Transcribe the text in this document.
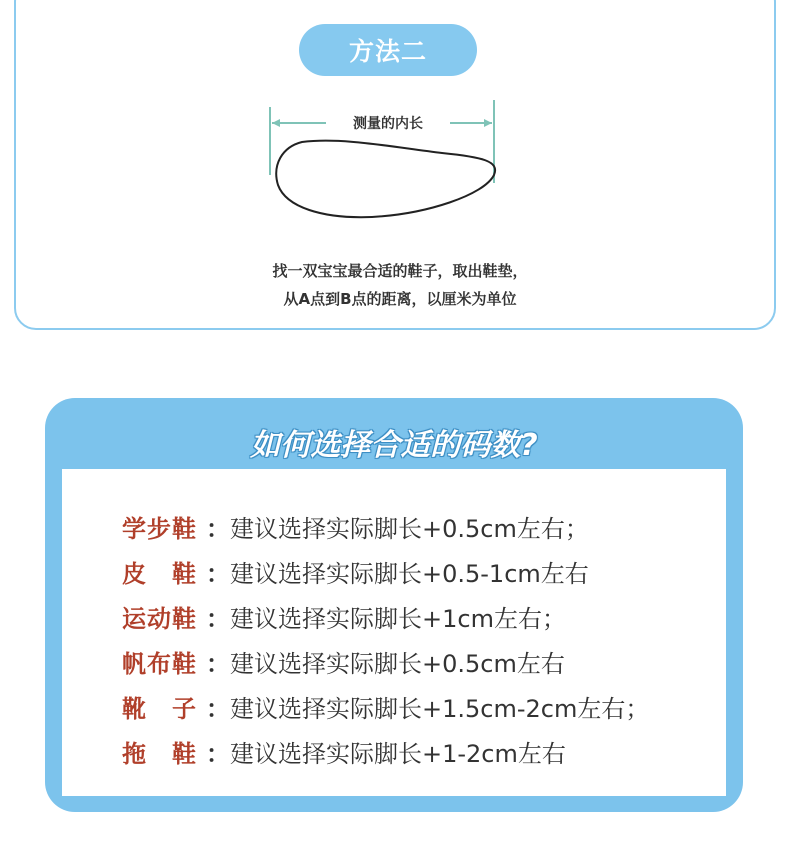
方法二
测量的内长
找一双宝宝最合适的鞋子，取出鞋垫，
从A点到B点的距离，以厘米为单位
如何选择合适的码数?
学步鞋 ： 建议选择实际脚长+0.5cm左右；
皮　鞋 ： 建议选择实际脚长+0.5-1cm左右
运动鞋 ： 建议选择实际脚长+1cm左右；
帆布鞋 ： 建议选择实际脚长+0.5cm左右
靴　子 ： 建议选择实际脚长+1.5cm-2cm左右；
拖　鞋 ： 建议选择实际脚长+1-2cm左右
